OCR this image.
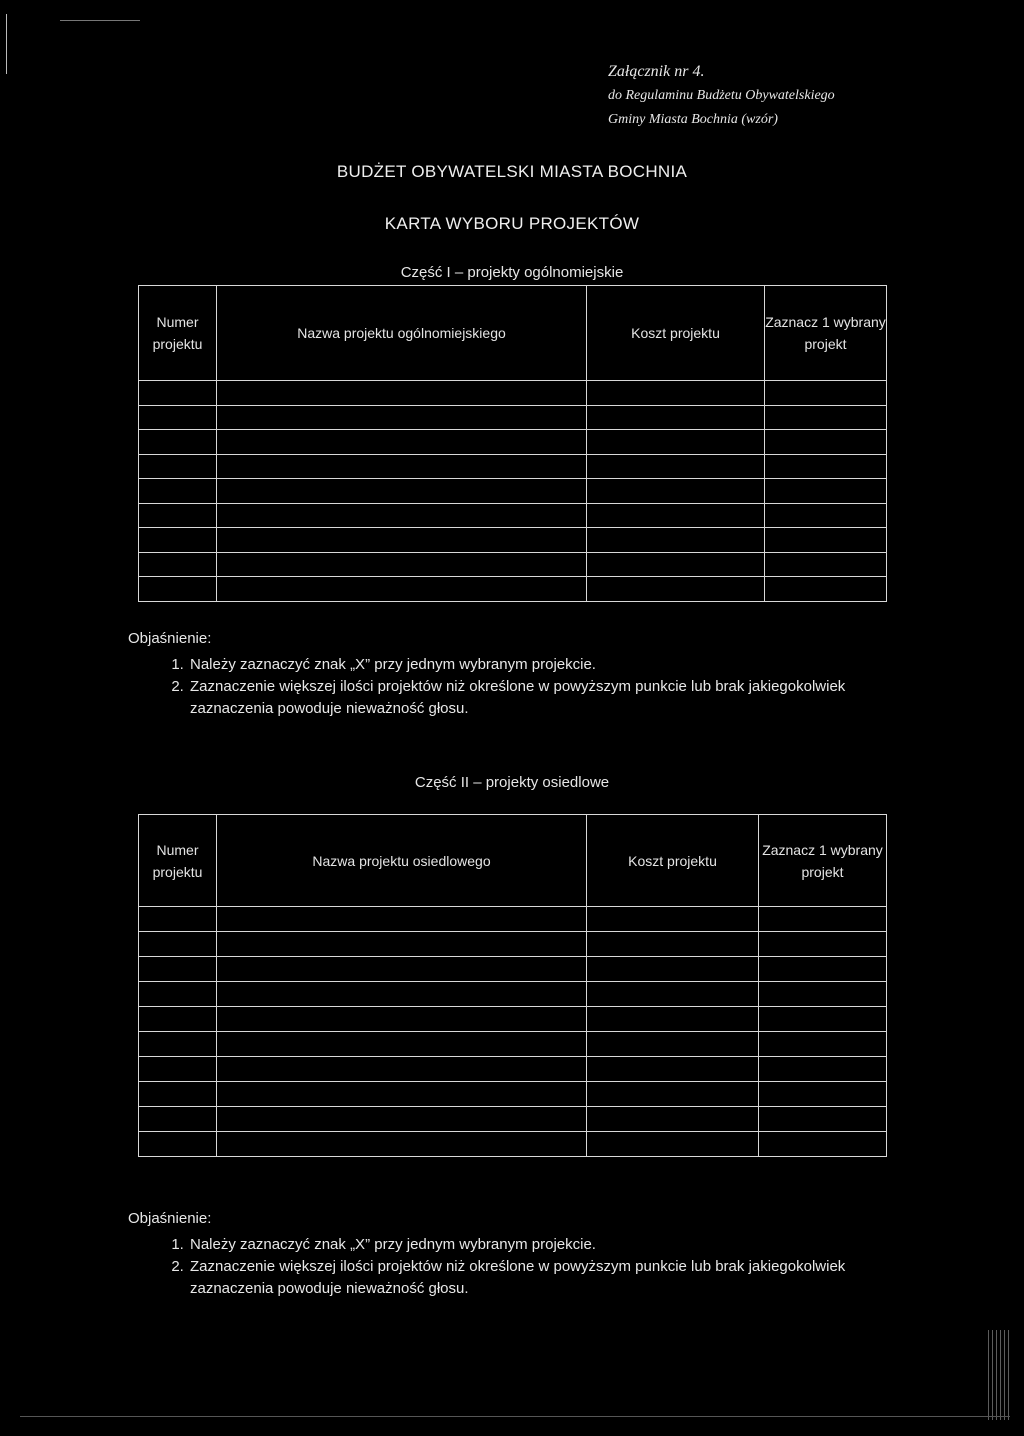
Załącznik nr 4.
do Regulaminu Budżetu Obywatelskiego
Gminy Miasta Bochnia (wzór)
BUDŻET OBYWATELSKI MIASTA BOCHNIA
KARTA WYBORU PROJEKTÓW
Część I – projekty ogólnomiejskie
Numer projektu	Nazwa projektu ogólnomiejskiego	Koszt projektu	Zaznacz 1 wybrany projekt

Objaśnienie:
1. Należy zaznaczyć znak „X” przy jednym wybranym projekcie.
2. Zaznaczenie większej ilości projektów niż określone w powyższym punkcie lub brak jakiegokolwiek zaznaczenia powoduje nieważność głosu.
Część II – projekty osiedlowe
Numer projektu	Nazwa projektu osiedlowego	Koszt projektu	Zaznacz 1 wybrany projekt

Objaśnienie:
1. Należy zaznaczyć znak „X” przy jednym wybranym projekcie.
2. Zaznaczenie większej ilości projektów niż określone w powyższym punkcie lub brak jakiegokolwiek zaznaczenia powoduje nieważność głosu.
